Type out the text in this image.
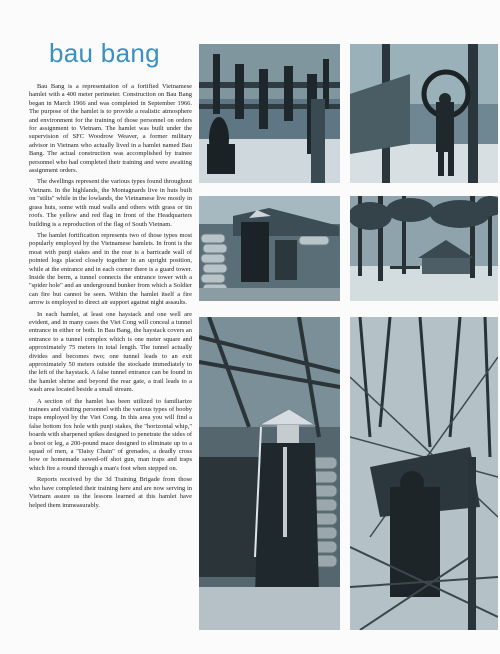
bau bang

Bau Bang is a representation of a fortified Vietnamese hamlet with a 400 meter perimeter. Construction on Bau Bang began in March 1966 and was completed in September 1966. The purpose of the hamlet is to provide a realistic atmosphere and environment for the training of those personnel on orders for assignment to Vietnam. The hamlet was built under the supervision of SFC Woodrow Weaver, a former military advisor in Vietnam who actually lived in a hamlet named Bau Bang. The actual construction was accomplished by trainee personnel who had completed their training and were awaiting assignment orders.

The dwellings represent the various types found throughout Vietnam. In the highlands, the Montagnards live in huts built on "stilts" while in the lowlands, the Vietnamese live mostly in grass huts, some with mud walls and others with grass or tin roofs. The yellow and red flag in front of the Headquarters building is a reproduction of the flag of South Vietnam.

The hamlet fortification represents two of those types most popularly employed by the Vietnamese hamlets. In front is the moat with punji stakes and in the rear is a barricade wall of pointed logs placed closely together in an upright position, while at the entrance and in each corner there is a guard tower. Inside the berm, a tunnel connects the entrance tower with a "spider hole" and an underground bunker from which a Soldier can fire but cannot be seen. Within the hamlet itself a fire arrow is employed to direct air support against night assaults.

In each hamlet, at least one haystack and one well are evident, and in many cases the Viet Cong will conceal a tunnel entrance in either or both. In Bau Bang, the haystack covers an entrance to a tunnel complex which is one meter square and approximately 75 meters in total length. The tunnel actually divides and becomes two; one tunnel leads to an exit approximately 50 meters outside the stockade immediately to the left of the haystack. A false tunnel entrance can be found in the hamlet shrine and beyond the rear gate, a trail leads to a wash area located beside a small stream.

A section of the hamlet has been utilized to familiarize trainees and visiting personnel with the various types of booby traps employed by the Viet Cong. In this area you will find a false bottom fox hole with punji stakes, the "horizontal whip," boards with sharpened spikes designed to penetrate the sides of a boot or leg, a 200-pound mace designed to eliminate up to a squad of men, a "Daisy Chain" of grenades, a deadly cross bow or homemade sawed-off shot gun, man traps and traps which fire a round through a man's foot when stepped on.

Reports received by the 3d Training Brigade from those who have completed their training here and are now serving in Vietnam assure us the lessons learned at this hamlet have helped them immeasurably.
